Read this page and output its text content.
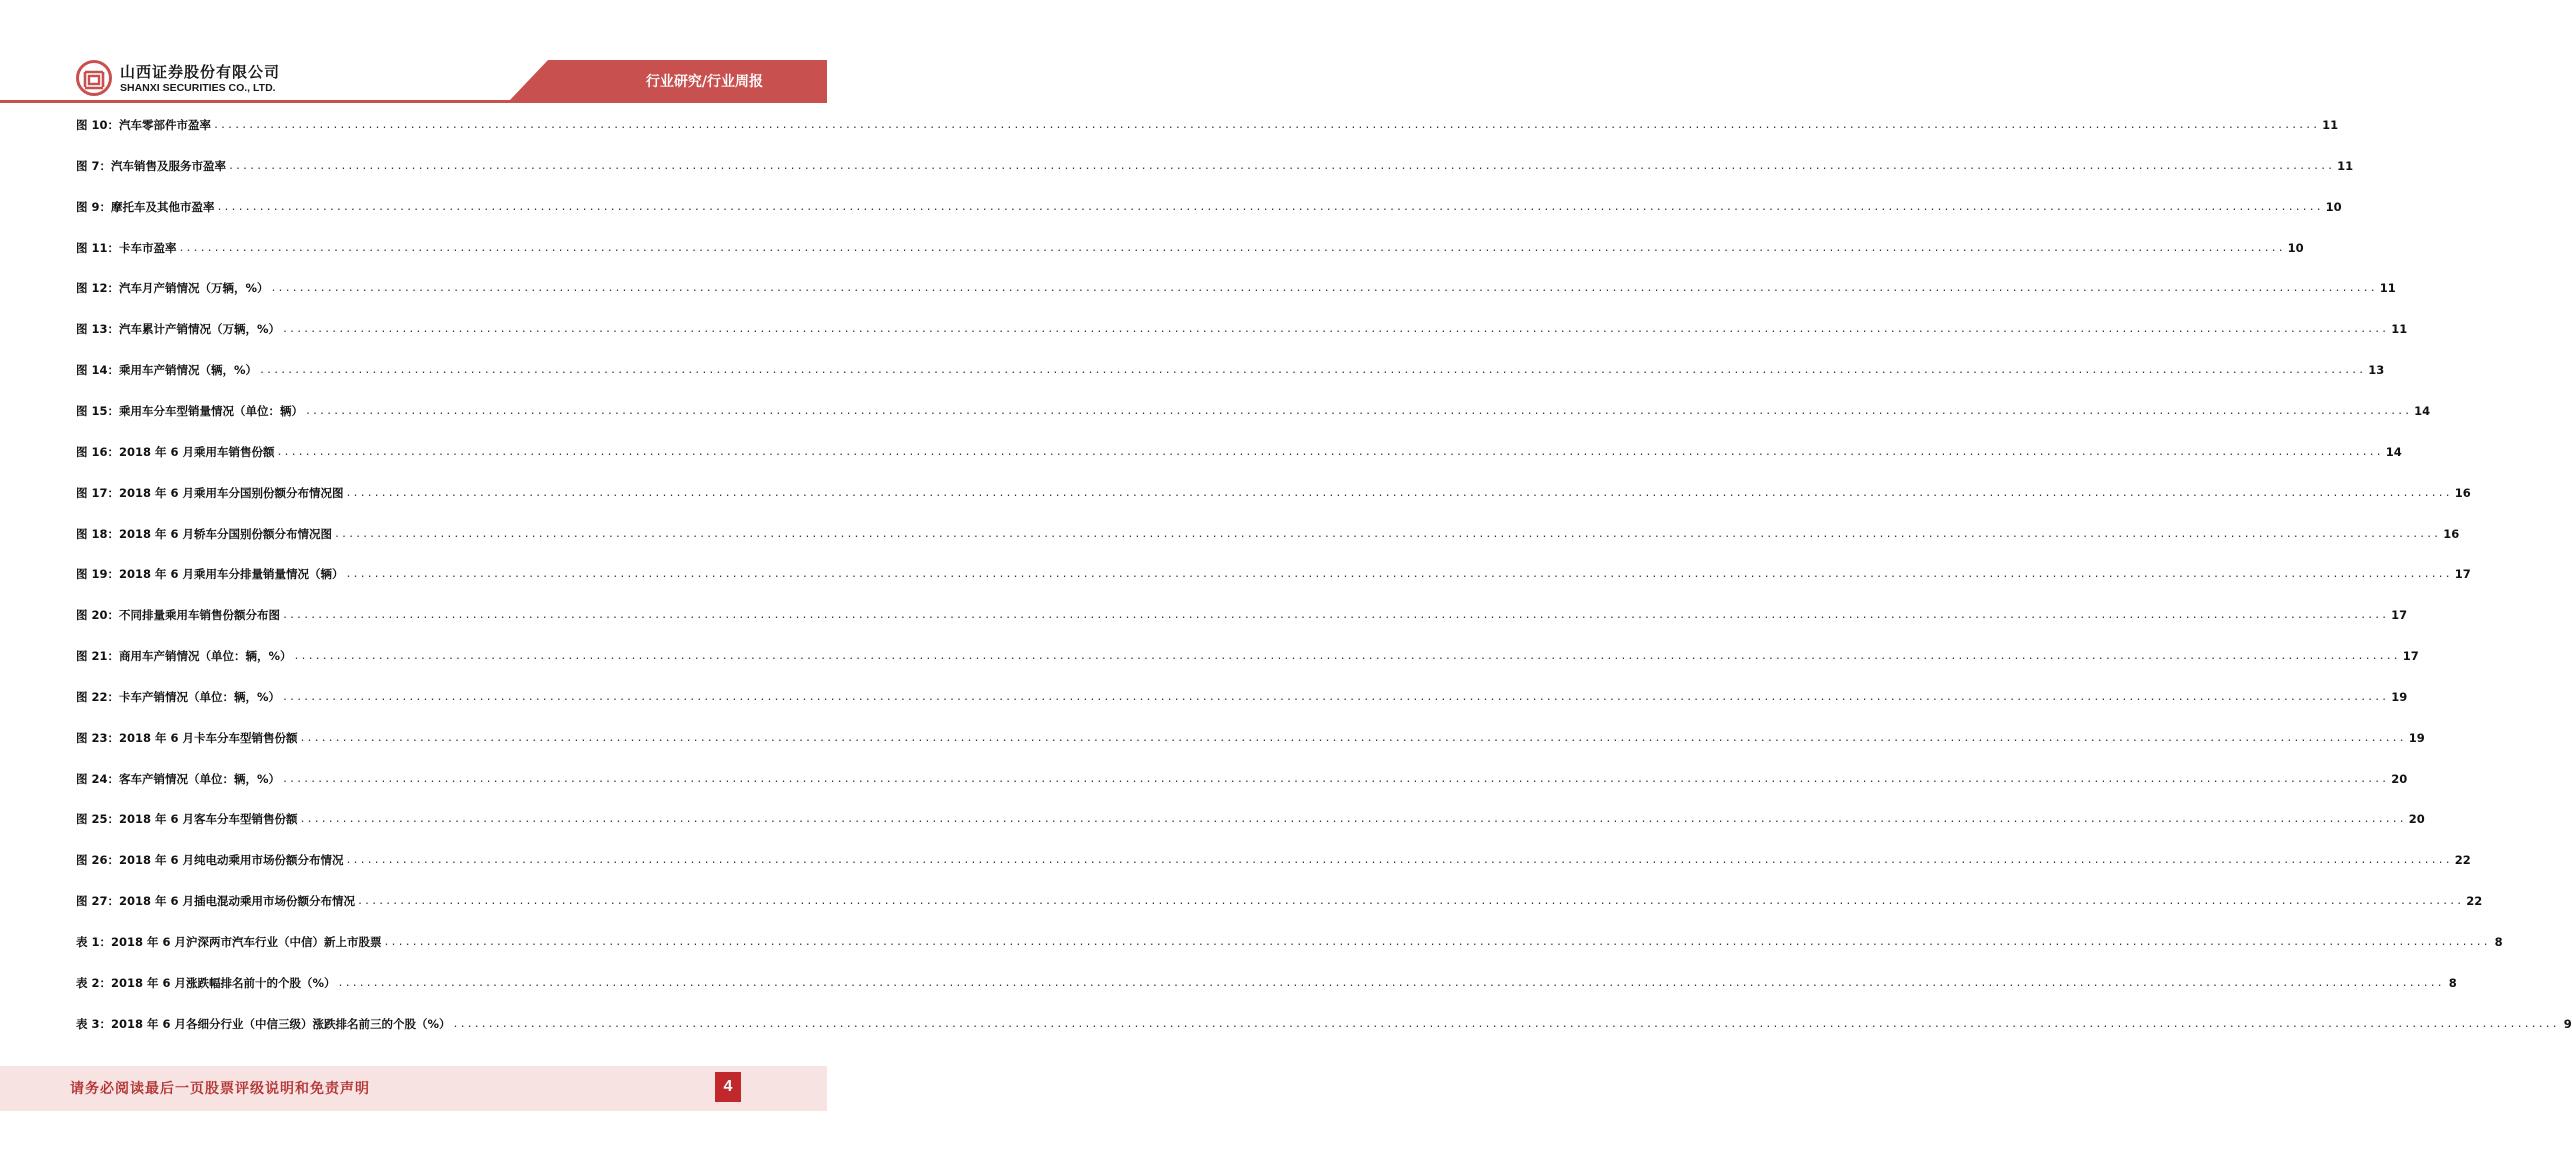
山西证券股份有限公司
SHANXI SECURITIES CO., LTD.	行业研究/行业周报
图 10：汽车零部件市盈率 ............................................................................................................................................................................................................................................................................................................ 11
图 7：汽车销售及服务市盈率 ............................................................................................................................................................................................................................................................................................................ 11
图 9：摩托车及其他市盈率 ............................................................................................................................................................................................................................................................................................................ 10
图 11：卡车市盈率 ............................................................................................................................................................................................................................................................................................................ 10
图 12：汽车月产销情况（万辆，%） ............................................................................................................................................................................................................................................................................................................ 11
图 13：汽车累计产销情况（万辆，%） ............................................................................................................................................................................................................................................................................................................ 11
图 14：乘用车产销情况（辆，%） ............................................................................................................................................................................................................................................................................................................ 13
图 15：乘用车分车型销量情况（单位：辆） ............................................................................................................................................................................................................................................................................................................ 14
图 16：2018 年 6 月乘用车销售份额 ............................................................................................................................................................................................................................................................................................................ 14
图 17：2018 年 6 月乘用车分国别份额分布情况图 ............................................................................................................................................................................................................................................................................................................ 16
图 18：2018 年 6 月轿车分国别份额分布情况图 ............................................................................................................................................................................................................................................................................................................ 16
图 19：2018 年 6 月乘用车分排量销量情况（辆） ............................................................................................................................................................................................................................................................................................................ 17
图 20：不同排量乘用车销售份额分布图 ............................................................................................................................................................................................................................................................................................................ 17
图 21：商用车产销情况（单位：辆，%） ............................................................................................................................................................................................................................................................................................................ 17
图 22：卡车产销情况（单位：辆，%） ............................................................................................................................................................................................................................................................................................................ 19
图 23：2018 年 6 月卡车分车型销售份额 ............................................................................................................................................................................................................................................................................................................ 19
图 24：客车产销情况（单位：辆，%） ............................................................................................................................................................................................................................................................................................................ 20
图 25：2018 年 6 月客车分车型销售份额 ............................................................................................................................................................................................................................................................................................................ 20
图 26：2018 年 6 月纯电动乘用市场份额分布情况 ............................................................................................................................................................................................................................................................................................................ 22
图 27：2018 年 6 月插电混动乘用市场份额分布情况 ............................................................................................................................................................................................................................................................................................................ 22
表 1：2018 年 6 月沪深两市汽车行业（中信）新上市股票 ............................................................................................................................................................................................................................................................................................................ 8
表 2：2018 年 6 月涨跌幅排名前十的个股（%） ............................................................................................................................................................................................................................................................................................................ 8
表 3：2018 年 6 月各细分行业（中信三级）涨跌排名前三的个股（%） ............................................................................................................................................................................................................................................................................................................ 9
请务必阅读最后一页股票评级说明和免责声明	4
